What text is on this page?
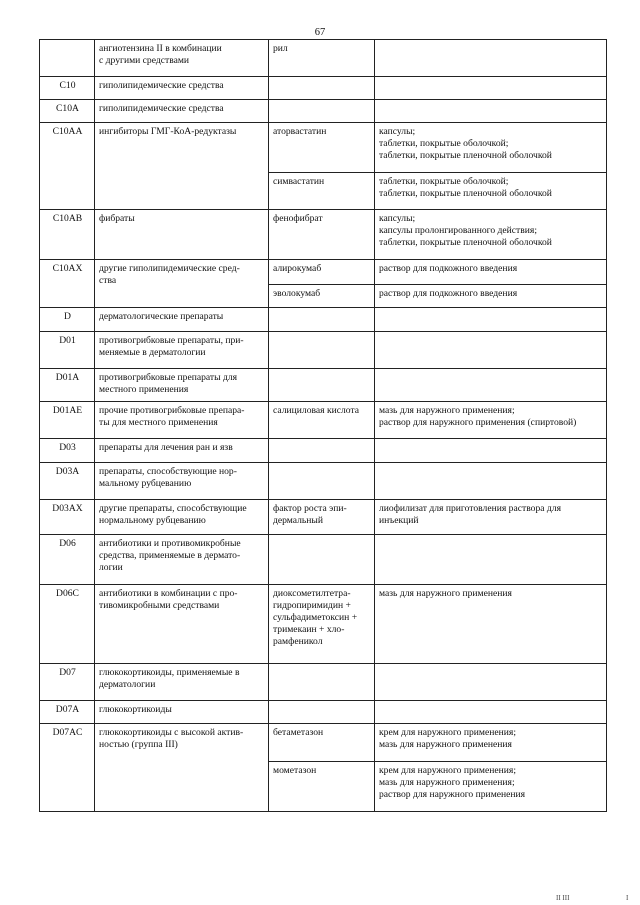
67
	ангиотензина II в комбинации
с другими средствами	рил	
C10	гиполипидемические средства		
C10A	гиполипидемические средства		
C10AA	ингибиторы ГМГ-КоА-редуктазы	аторвастатин	капсулы;
таблетки, покрытые оболочкой;
таблетки, покрытые пленочной оболочкой
		симвастатин	таблетки, покрытые оболочкой;
таблетки, покрытые пленочной оболочкой
C10AB	фибраты	фенофибрат	капсулы;
капсулы пролонгированного действия;
таблетки, покрытые пленочной оболочкой
C10AX	другие гиполипидемические сред-
ства	алирокумаб	раствор для подкожного введения
		эволокумаб	раствор для подкожного введения
D	дерматологические препараты		
D01	противогрибковые препараты, при-
меняемые в дерматологии		
D01A	противогрибковые препараты для
местного применения		
D01AE	прочие противогрибковые препара-
ты для местного применения	салициловая кислота	мазь для наружного применения;
раствор для наружного применения (спиртовой)
D03	препараты для лечения ран и язв		
D03A	препараты, способствующие нор-
мальному рубцеванию		
D03AX	другие препараты, способствующие
нормальному рубцеванию	фактор роста эпи-
дермальный	лиофилизат для приготовления раствора для
инъекций
D06	антибиотики и противомикробные
средства, применяемые в дермато-
логии		
D06C	антибиотики в комбинации с про-
тивомикробными средствами	диоксометилтетра-
гидропиримидин +
сульфадиметоксин +
тримекаин + хло-
рамфеникол	мазь для наружного применения
D07	глюкокортикоиды, применяемые в
дерматологии		
D07A	глюкокортикоиды		
D07AC	глюкокортикоиды с высокой актив-
ностью (группа III)	бетаметазон	крем для наружного применения;
мазь для наружного применения
		мометазон	крем для наружного применения;
мазь для наружного применения;
раствор для наружного применения
II III	I
